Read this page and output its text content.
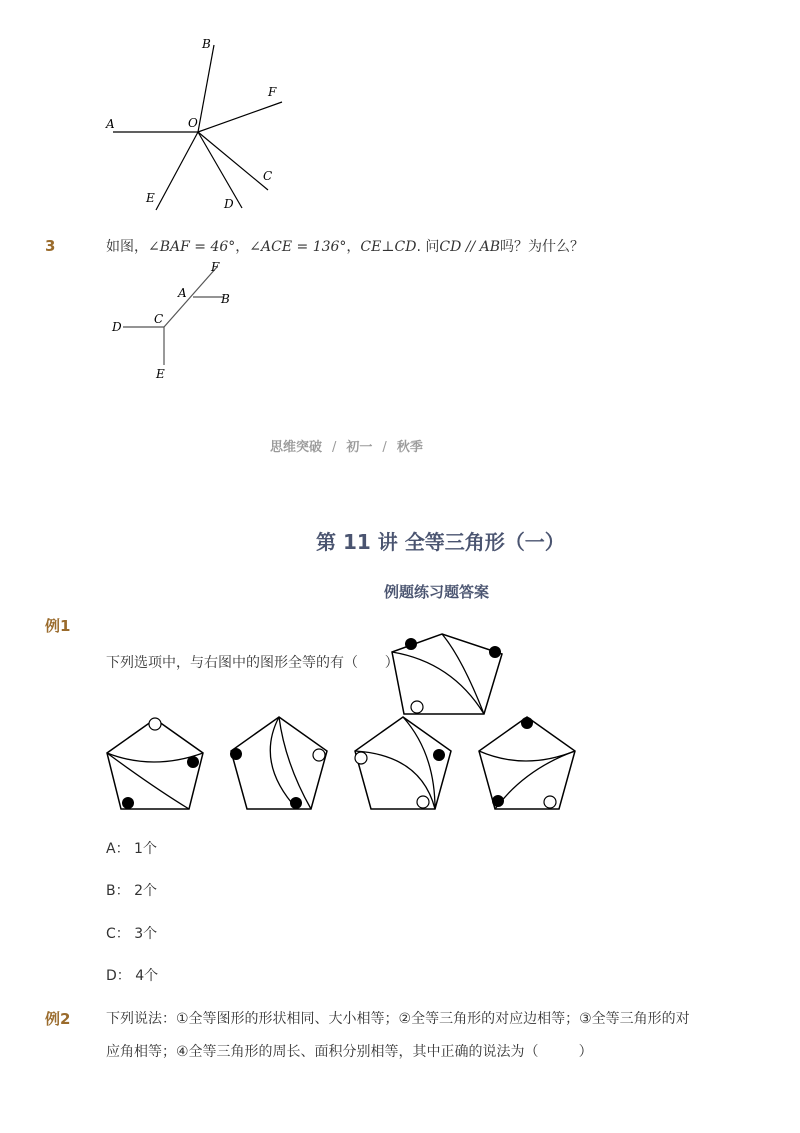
A
B
F
O
C
E	D
3	如图，∠BAF = 46°，∠ACE = 136°，CE⊥CD. 问CD // AB吗？为什么？
F
A	B
C
D
E
思维突破 / 初一 / 秋季
第 11 讲 全等三角形（一）
例题练习题答案
例1
下列选项中，与右图中的图形全等的有（      ）
A： 1个
B： 2个
C： 3个
D： 4个
例2	下列说法：①全等图形的形状相同、大小相等；②全等三角形的对应边相等；③全等三角形的对
应角相等；④全等三角形的周长、面积分别相等，其中正确的说法为（         ）
